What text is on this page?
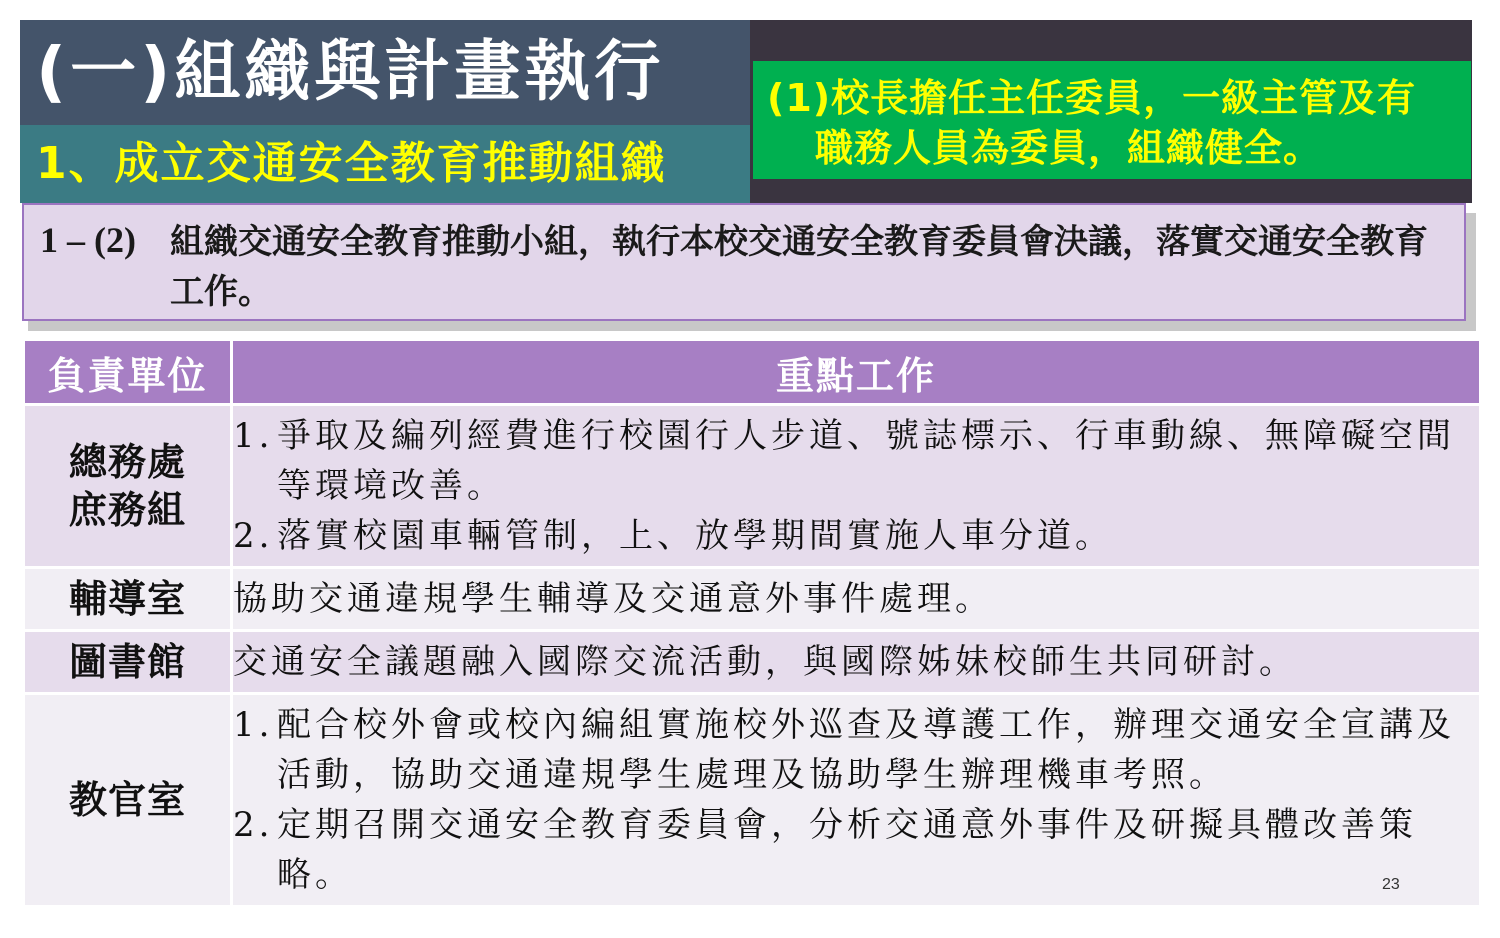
(一)組織與計畫執行
1、成立交通安全教育推動組織
(1)校長擔任主任委員，一級主管及有
職務人員為委員，組織健全。
1 – (2) 組織交通安全教育推動小組，執行本校交通安全教育委員會決議，落實交通安全教育工作。
負責單位	重點工作
總務處
庶務組	1. 爭取及編列經費進行校園行人步道、號誌標示、行車動線、無障礙空間等環境改善。
2. 落實校園車輛管制，上、放學期間實施人車分道。

輔導室	協助交通違規學生輔導及交通意外事件處理。
圖書館	交通安全議題融入國際交流活動，與國際姊妹校師生共同研討。
教官室	1. 配合校外會或校內編組實施校外巡查及導護工作，辦理交通安全宣講及活動，協助交通違規學生處理及協助學生辦理機車考照。
2. 定期召開交通安全教育委員會，分析交通意外事件及研擬具體改善策略。	23
